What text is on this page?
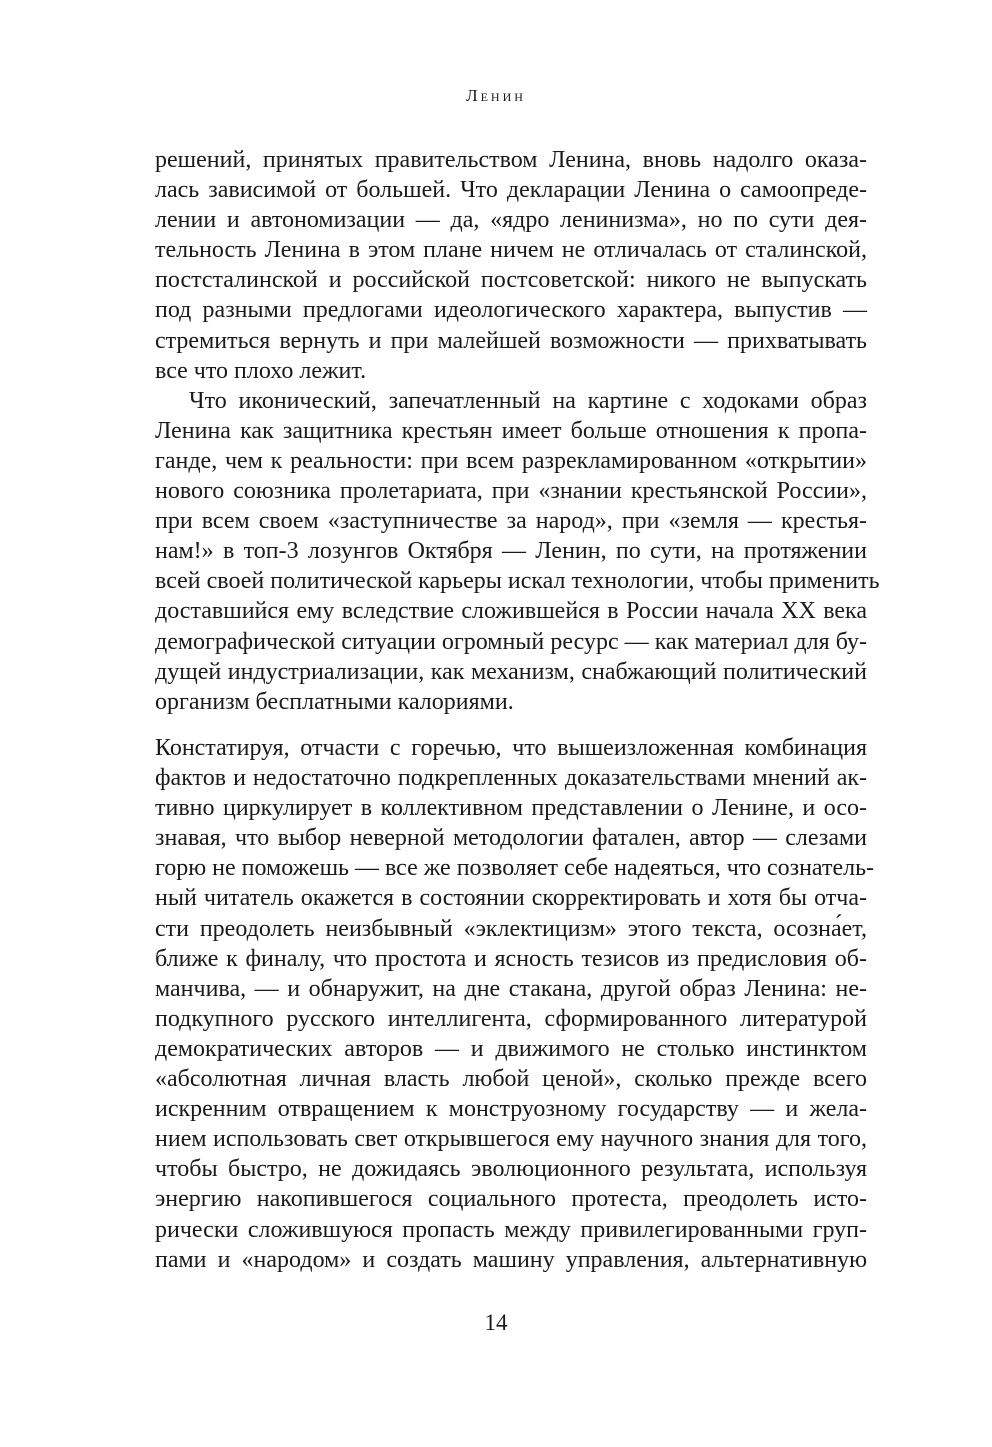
Ленин
решений, принятых правительством Ленина, вновь надолго оказа-
лась зависимой от большей. Что декларации Ленина о самоопреде-
лении и автономизации — да, «ядро ленинизма», но по сути дея-
тельность Ленина в этом плане ничем не отличалась от сталинской,
постсталинской и российской постсоветской: никого не выпускать
под разными предлогами идеологического характера, выпустив —
стремиться вернуть и при малейшей возможности — прихватывать
все что плохо лежит.
Что иконический, запечатленный на картине с ходоками образ
Ленина как защитника крестьян имеет больше отношения к пропа-
ганде, чем к реальности: при всем разрекламированном «открытии»
нового союзника пролетариата, при «знании крестьянской России»,
при всем своем «заступничестве за народ», при «земля — крестья-
нам!» в топ-3 лозунгов Октября — Ленин, по сути, на протяжении
всей своей политической карьеры искал технологии, чтобы применить
доставшийся ему вследствие сложившейся в России начала XX века
демографической ситуации огромный ресурс — как материал для бу-
дущей индустриализации, как механизм, снабжающий политический
организм бесплатными калориями.
Констатируя, отчасти с горечью, что вышеизложенная комбинация
фактов и недостаточно подкрепленных доказательствами мнений ак-
тивно циркулирует в коллективном представлении о Ленине, и осо-
знавая, что выбор неверной методологии фатален, автор — слезами
горю не поможешь — все же позволяет себе надеяться, что сознатель-
ный читатель окажется в состоянии скорректировать и хотя бы отча-
сти преодолеть неизбывный «эклектицизм» этого текста, осозна́ет,
ближе к финалу, что простота и ясность тезисов из предисловия об-
манчива, — и обнаружит, на дне стакана, другой образ Ленина: не-
подкупного русского интеллигента, сформированного литературой
демократических авторов — и движимого не столько инстинктом
«абсолютная личная власть любой ценой», сколько прежде всего
искренним отвращением к монструозному государству — и жела-
нием использовать свет открывшегося ему научного знания для того,
чтобы быстро, не дожидаясь эволюционного результата, используя
энергию накопившегося социального протеста, преодолеть исто-
рически сложившуюся пропасть между привилегированными груп-
пами и «народом» и создать машину управления, альтернативную
14
